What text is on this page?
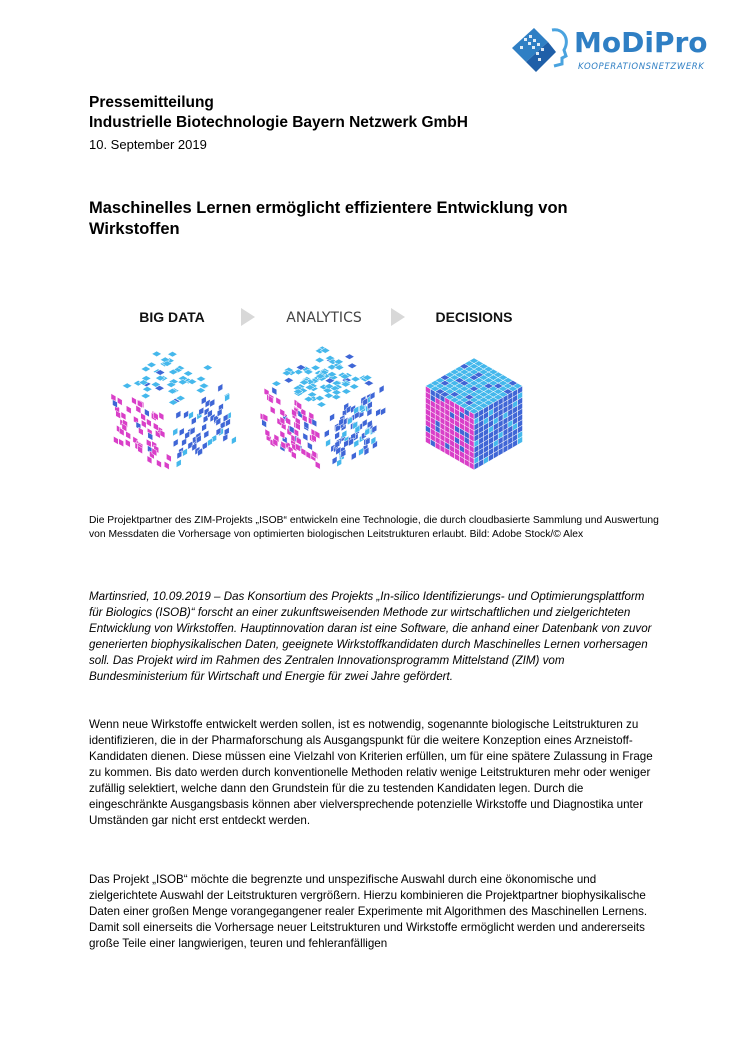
MoDiPro
KOOPERATIONSNETZWERK
Pressemitteilung
Industrielle Biotechnologie Bayern Netzwerk GmbH
10. September 2019
Maschinelles Lernen ermöglicht effizientere Entwicklung von Wirkstoffen
BIG DATA	ANALYTICS	DECISIONS
Die Projektpartner des ZIM-Projekts „ISOB“ entwickeln eine Technologie, die durch cloudbasierte Sammlung und Auswertung von Messdaten die Vorhersage von optimierten biologischen Leitstrukturen erlaubt. Bild: Adobe Stock/© Alex
Martinsried, 10.09.2019 – Das Konsortium des Projekts „In-silico Identifizierungs- und Optimierungsplattform für Biologics (ISOB)“ forscht an einer zukunftsweisenden Methode zur wirtschaftlichen und zielgerichteten Entwicklung von Wirkstoffen. Hauptinnovation daran ist eine Software, die anhand einer Datenbank von zuvor generierten biophysikalischen Daten, geeignete Wirkstoffkandidaten durch Maschinelles Lernen vorhersagen soll. Das Projekt wird im Rahmen des Zentralen Innovationsprogramm Mittelstand (ZIM) vom Bundesministerium für Wirtschaft und Energie für zwei Jahre gefördert.
Wenn neue Wirkstoffe entwickelt werden sollen, ist es notwendig, sogenannte biologische Leitstrukturen zu identifizieren, die in der Pharmaforschung als Ausgangspunkt für die weitere Konzeption eines Arzneistoff-Kandidaten dienen. Diese müssen eine Vielzahl von Kriterien erfüllen, um für eine spätere Zulassung in Frage zu kommen. Bis dato werden durch konventionelle Methoden relativ wenige Leitstrukturen mehr oder weniger zufällig selektiert, welche dann den Grundstein für die zu testenden Kandidaten legen. Durch die eingeschränkte Ausgangsbasis können aber vielversprechende potenzielle Wirkstoffe und Diagnostika unter Umständen gar nicht erst entdeckt werden.
Das Projekt „ISOB“ möchte die begrenzte und unspezifische Auswahl durch eine ökonomische und zielgerichtete Auswahl der Leitstrukturen vergrößern. Hierzu kombinieren die Projektpartner biophysikalische Daten einer großen Menge vorangegangener realer Experimente mit Algorithmen des Maschinellen Lernens. Damit soll einerseits die Vorhersage neuer Leitstrukturen und Wirkstoffe ermöglicht werden und andererseits große Teile einer langwierigen, teuren und fehleranfälligen
